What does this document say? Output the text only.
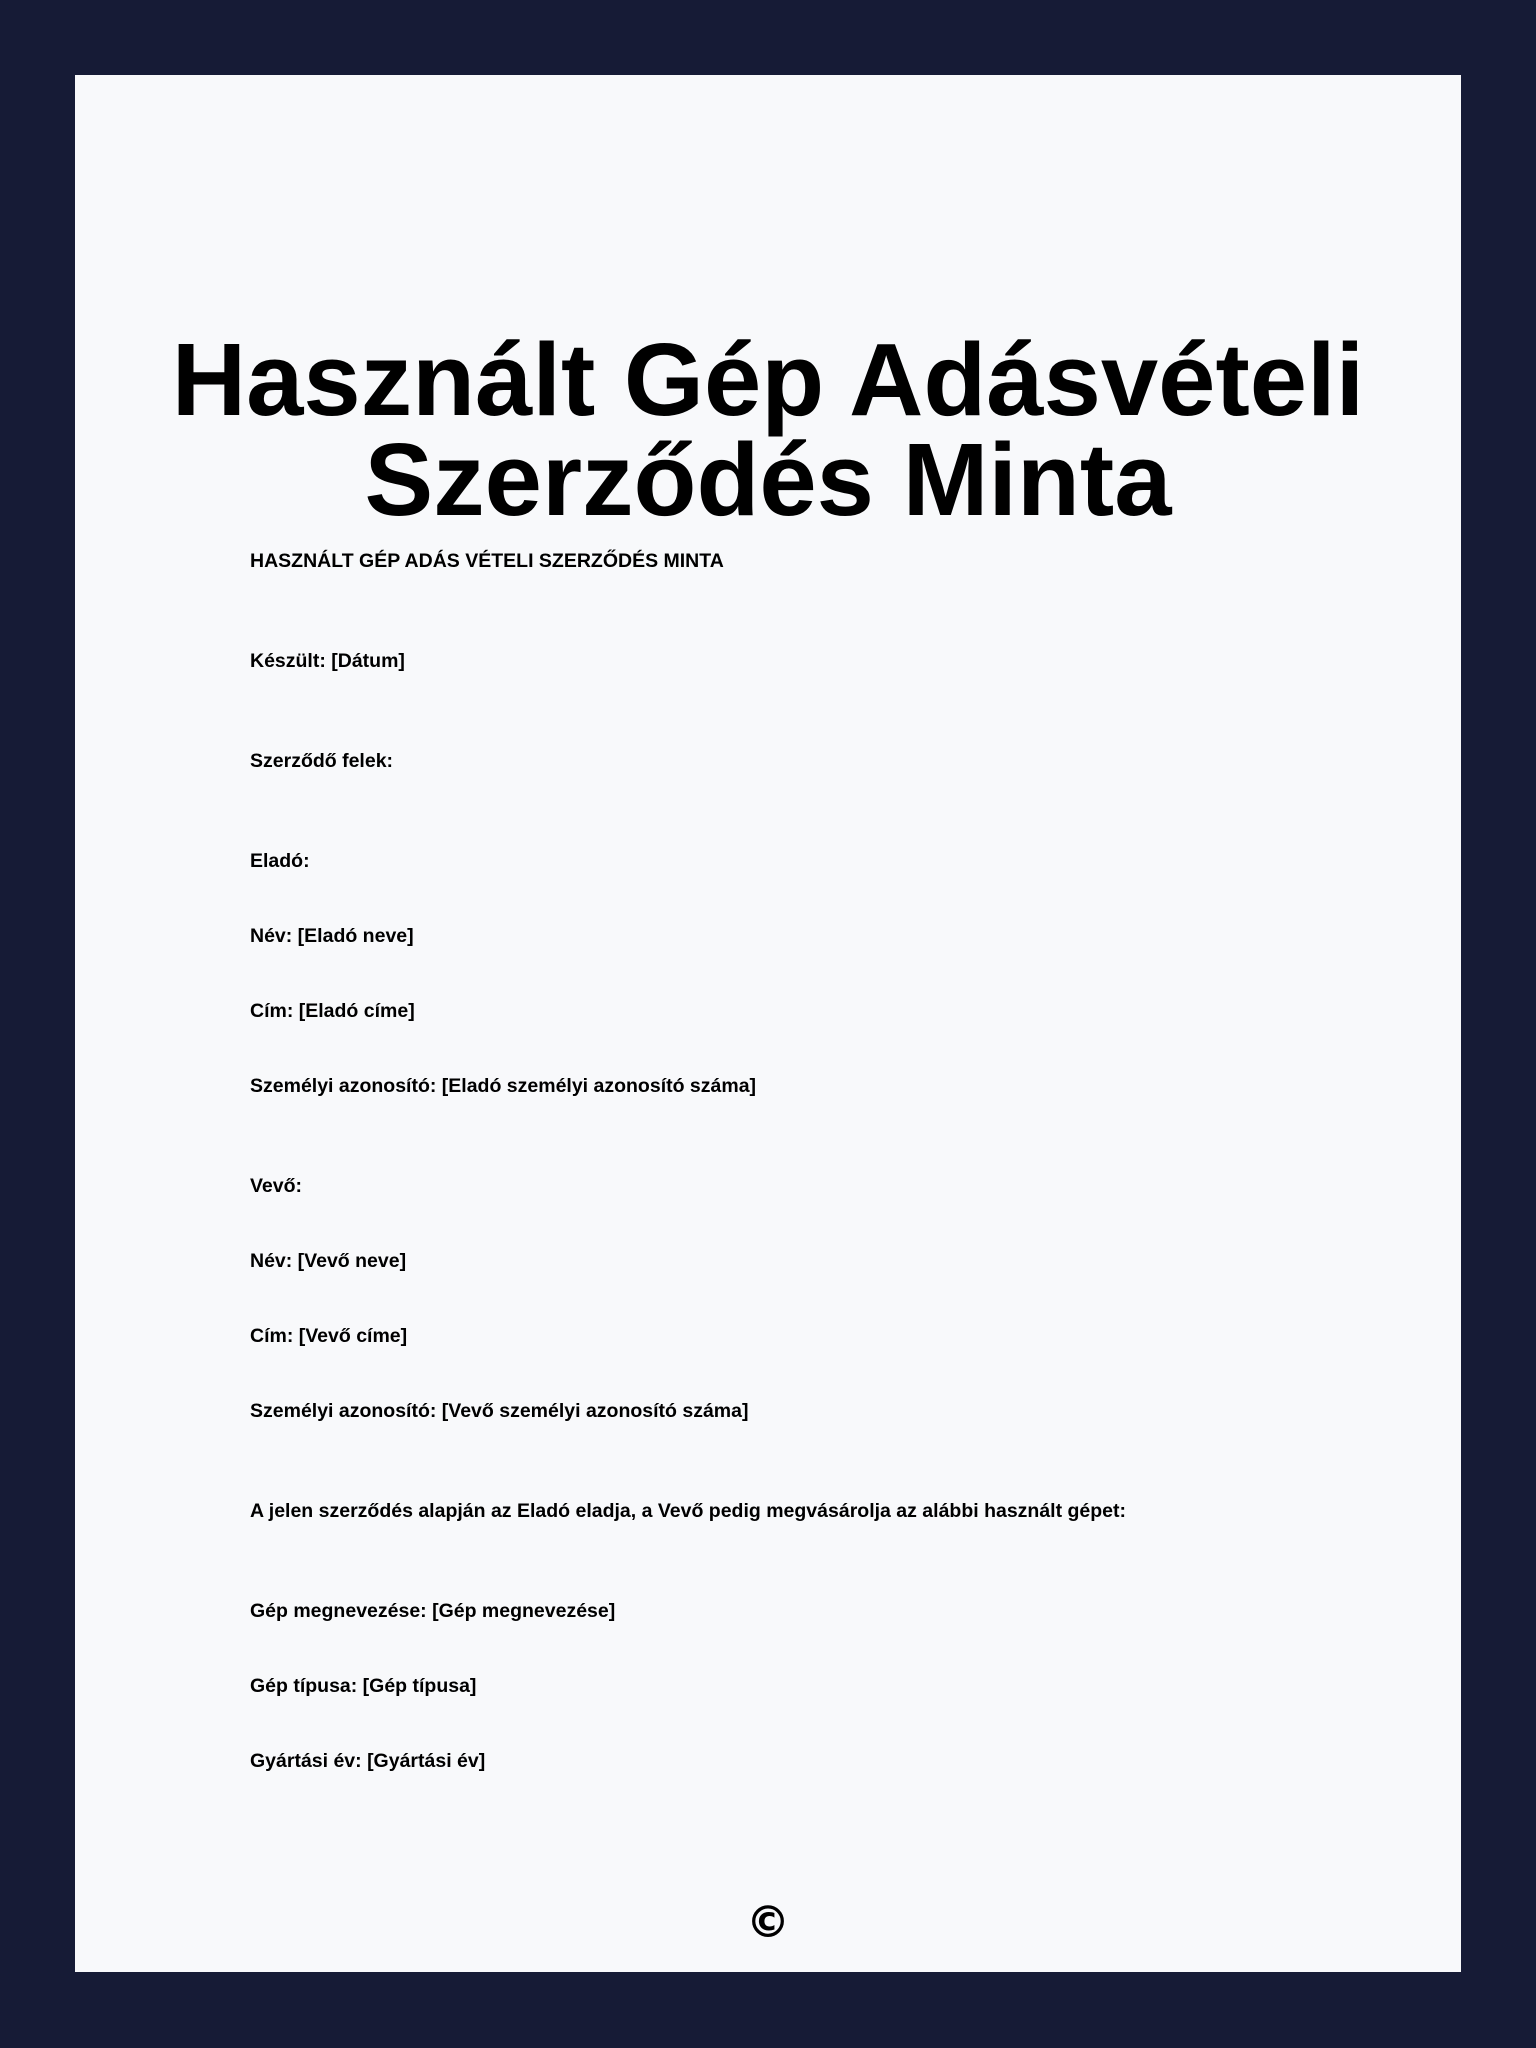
Használt Gép Adásvételi
Szerződés Minta

HASZNÁLT GÉP ADÁS VÉTELI SZERZŐDÉS MINTA

Készült: [Dátum]

Szerződő felek:

Eladó:

Név: [Eladó neve]

Cím: [Eladó címe]

Személyi azonosító: [Eladó személyi azonosító száma]

Vevő:

Név: [Vevő neve]

Cím: [Vevő címe]

Személyi azonosító: [Vevő személyi azonosító száma]

A jelen szerződés alapján az Eladó eladja, a Vevő pedig megvásárolja az alábbi használt gépet:

Gép megnevezése: [Gép megnevezése]

Gép típusa: [Gép típusa]

Gyártási év: [Gyártási év]

©
